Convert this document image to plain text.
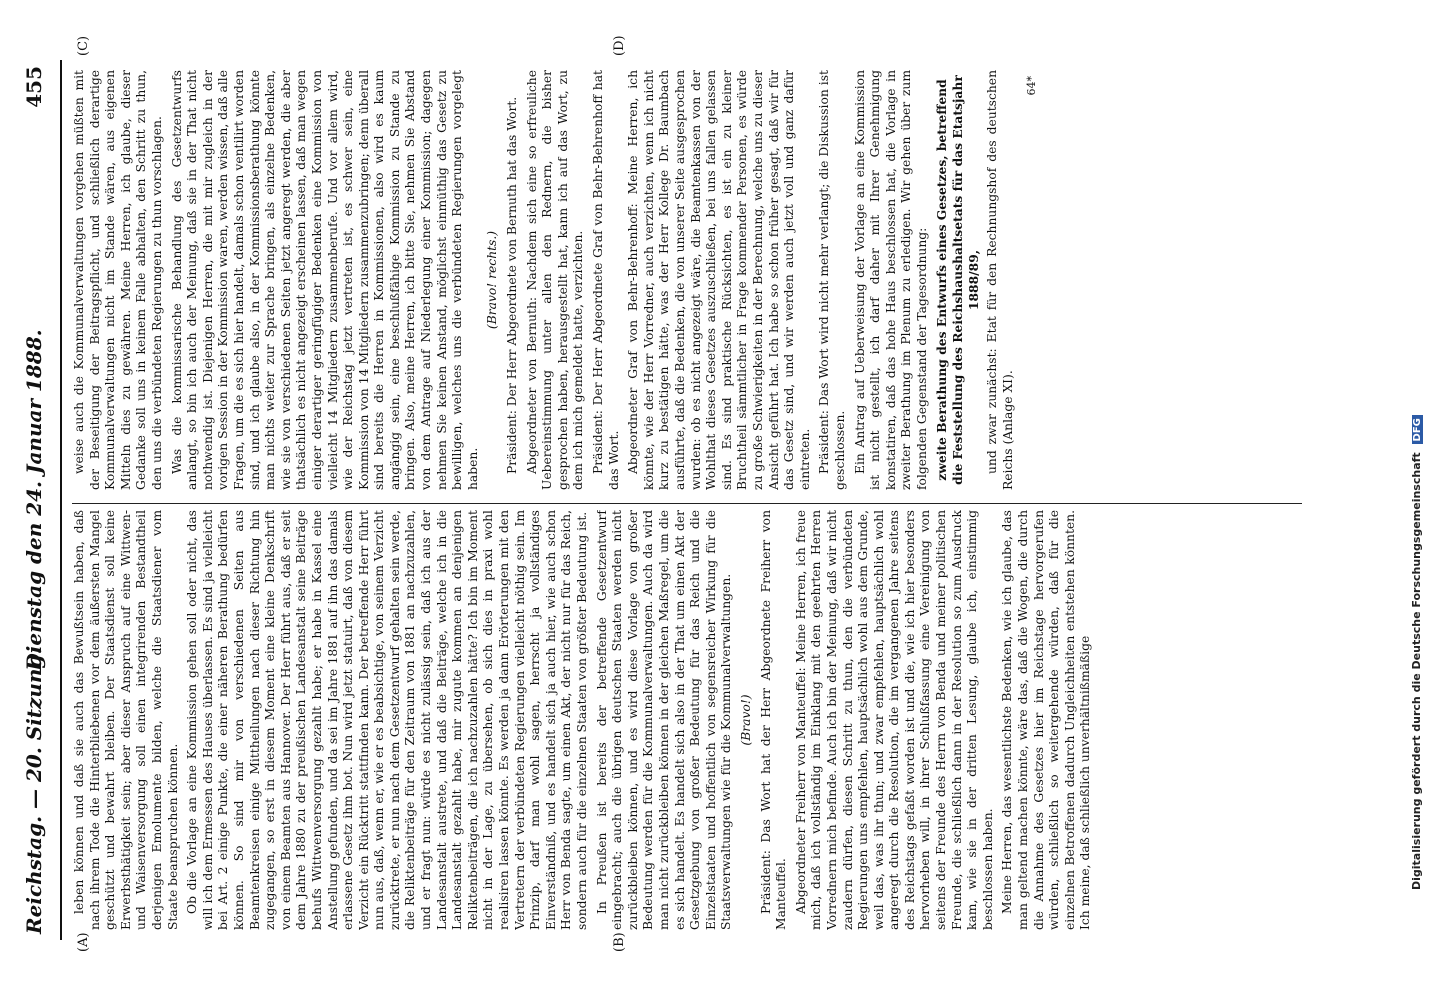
Reichstag. — 20. Sitzung.
Dienstag den 24. Januar 1888.
455
(A)	(B)
(C)	(D)

leben können und daß sie auch das Bewußtsein haben, daß nach ihrem Tode die Hinterbliebenen vor dem äußersten Mangel geschützt und bewahrt bleiben. Der Staatsdienst soll keine Erwerbsthätigkeit sein; aber dieser Anspruch auf eine Wittwen- und Waisenversorgung soll einen integrirenden Bestandtheil derjenigen Emolumente bilden, welche die Staatsdiener vom Staate beanspruchen können. Ob die Vorlage an eine Kommission gehen soll oder nicht, das will ich dem Ermessen des Hauses überlassen. Es sind ja vielleicht bei Art. 2 einige Punkte, die einer näheren Berathung bedürfen können. So sind mir von verschiedenen Seiten aus Beamtenkreisen einige Mittheilungen nach dieser Richtung hin zugegangen, so erst in diesem Moment eine kleine Denkschrift von einem Beamten aus Hannover. Der Herr führt aus, daß er seit dem Jahre 1880 zu der preußischen Landesanstalt seine Beiträge behufs Wittwenversorgung gezahlt habe; er habe in Kassel eine Anstellung gefunden, und da sei im Jahre 1881 auf ihn das damals erlassene Gesetz ihm bot. Nun wird jetzt statuirt, daß von diesem Verzicht ein Rücktritt stattfinden kann. Der betreffende Herr führt nun aus, daß, wenn er, wie er es beabsichtige, von seinem Verzicht zurücktrete, er nun nach dem Gesetzentwurf gehalten sein werde, die Reliktenbeiträge für den Zeitraum von 1881 an nachzuzahlen, und er fragt nun: würde es nicht zulässig sein, daß ich aus der Landesanstalt austrete, und daß die Beiträge, welche ich in die Landesanstalt gezahlt habe, mir zugute kommen an denjenigen Reliktenbeiträgen, die ich nachzuzahlen hätte? Ich bin im Moment nicht in der Lage, zu übersehen, ob sich dies in praxi wohl realisiren lassen könnte. Es werden ja dann Erörterungen mit den Vertretern der verbündeten Regierungen vielleicht nöthig sein. Im Prinzip, darf man wohl sagen, herrscht ja vollständiges Einverständniß, und es handelt sich ja auch hier, wie auch schon Herr von Benda sagte, um einen Akt, der nicht nur für das Reich, sondern auch für die einzelnen Staaten von größter Bedeutung ist. In Preußen ist bereits der betreffende Gesetzentwurf eingebracht; auch die übrigen deutschen Staaten werden nicht zurückbleiben können, und es wird diese Vorlage von großer Bedeutung werden für die Kommunalverwaltungen. Auch da wird man nicht zurückbleiben können in der gleichen Maßregel, um die es sich handelt. Es handelt sich also in der That um einen Akt der Gesetzgebung von großer Bedeutung für das Reich und die Einzelstaaten und hoffentlich von segensreicher Wirkung für die Staatsverwaltungen wie für die Kommunalverwaltungen. (Bravo!) Präsident: Das Wort hat der Herr Abgeordnete Freiherr von Manteuffel. Abgeordneter Freiherr von Manteuffel: Meine Herren, ich freue mich, daß ich vollständig im Einklang mit den geehrten Herren Vorrednern mich befinde. Auch ich bin der Meinung, daß wir nicht zaudern dürfen, diesen Schritt zu thun, den die verbündeten Regierungen uns empfehlen, hauptsächlich wohl aus dem Grunde, weil das, was ihr thun; und zwar empfehlen, hauptsächlich wohl angeregt durch die Resolution, die im vergangenen Jahre seitens des Reichstags gefaßt worden ist und die, wie ich hier besonders hervorheben will, in ihrer Schlußfassung eine Vereinigung von seitens der Freunde des Herrn von Benda und meiner politischen Freunde, die schließlich dann in der Resolution so zum Ausdruck kam, wie sie in der dritten Lesung, glaube ich, einstimmig beschlossen haben. Meine Herren, das wesentlichste Bedenken, wie ich glaube, das man geltend machen könnte, wäre das, daß die Wogen, die durch die Annahme des Gesetzes hier im Reichstage hervorgerufen würden, schließlich so weitergehende würden, daß für die einzelnen Betroffenen dadurch Ungleichheiten entstehen könnten. Ich meine, daß schließlich unverhältnißmäßige

weise auch die Kommunalverwaltungen vorgehen müßten mit der Beseitigung der Beitragspflicht, und schließlich derartige Kommunalverwaltungen nicht im Stande wären, aus eigenen Mitteln dies zu gewähren. Meine Herren, ich glaube, dieser Gedanke soll uns in keinem Falle abhalten, den Schritt zu thun, den uns die verbündeten Regierungen zu thun vorschlagen. Was die kommissarische Behandlung des Gesetzentwurfs anlangt, so bin ich auch der Meinung, daß sie in der That nicht nothwendig ist. Diejenigen Herren, die mit mir zugleich in der vorigen Session in der Kommission waren, werden wissen, daß alle Fragen, um die es sich hier handelt, damals schon ventilirt worden sind, und ich glaube also, in der Kommissionsberathung könnte man nichts weiter zur Sprache bringen, als einzelne Bedenken, wie sie von verschiedenen Seiten jetzt angeregt werden, die aber thatsächlich es nicht angezeigt erscheinen lassen, daß man wegen einiger derartiger geringfügiger Bedenken eine Kommission von vielleicht 14 Mitgliedern zusammenberufe. Und vor allem wird, wie der Reichstag jetzt vertreten ist, es schwer sein, eine Kommission von 14 Mitgliedern zusammenzubringen; denn überall sind bereits die Herren in Kommissionen, also wird es kaum angängig sein, eine beschlußfähige Kommission zu Stande zu bringen. Also, meine Herren, ich bitte Sie, nehmen Sie Abstand von dem Antrage auf Niederlegung einer Kommission; dagegen nehmen Sie keinen Anstand, möglichst einmüthig das Gesetz zu bewilligen, welches uns die verbündeten Regierungen vorgelegt haben.

(Bravo! rechts.) Präsident: Der Herr Abgeordnete von Bernuth hat das Wort. Abgeordneter von Bernuth: Nachdem sich eine so erfreuliche Uebereinstimmung unter allen den Rednern, die bisher gesprochen haben, herausgestellt hat, kann ich auf das Wort, zu dem ich mich gemeldet hatte, verzichten. Präsident: Der Herr Abgeordnete Graf von Behr-Behrenhoff hat das Wort. Abgeordneter Graf von Behr-Behrenhoff: Meine Herren, ich könnte, wie der Herr Vorredner, auch verzichten, wenn ich nicht kurz zu bestätigen hätte, was der Herr Kollege Dr. Baumbach ausführte, daß die Bedenken, die von unserer Seite ausgesprochen wurden: ob es nicht angezeigt wäre, die Beamtenkassen von der Wohlthat dieses Gesetzes auszuschließen, bei uns fallen gelassen sind. Es sind praktische Rücksichten, es ist ein zu kleiner Bruchtheil sämmtlicher in Frage kommender Personen, es würde zu große Schwierigkeiten in der Berechnung, welche uns zu dieser Ansicht geführt hat. Ich habe so schon früher gesagt, daß wir für das Gesetz sind, und wir werden auch jetzt voll und ganz dafür eintreten. Präsident: Das Wort wird nicht mehr verlangt; die Diskussion ist geschlossen. Ein Antrag auf Ueberweisung der Vorlage an eine Kommission ist nicht gestellt, ich darf daher mit Ihrer Genehmigung konstatiren, daß das hohe Haus beschlossen hat, die Vorlage in zweiter Berathung im Plenum zu erledigen. Wir gehen über zum folgenden Gegenstand der Tagesordnung: zweite Berathung des Entwurfs eines Gesetzes, betreffend die Feststellung des Reichshaushaltsetats für das Etatsjahr 1888/89, und zwar zunächst: Etat für den Rechnungshof des deutschen Reichs (Anlage XI).

64*

Digitalisierung gefördert durch die Deutsche Forschungsgemeinschaft DFG
